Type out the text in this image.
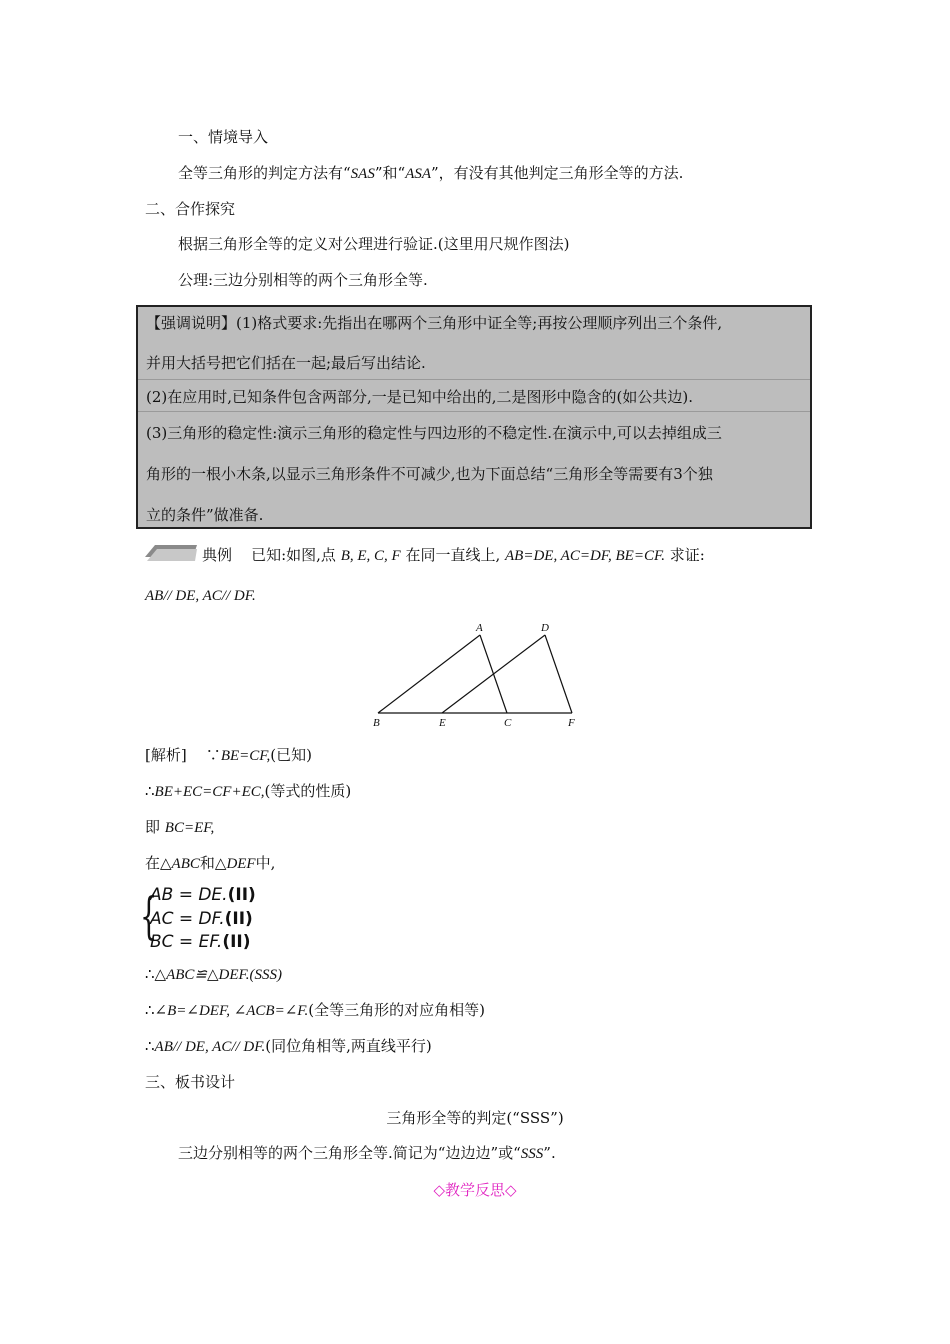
一、情境导入
全等三角形的判定方法有“SAS”和“ASA”，有没有其他判定三角形全等的方法.
二、合作探究
根据三角形全等的定义对公理进行验证.(这里用尺规作图法)
公理:三边分别相等的两个三角形全等.
【强调说明】(1)格式要求:先指出在哪两个三角形中证全等;再按公理顺序列出三个条件,
并用大括号把它们括在一起;最后写出结论.
(2)在应用时,已知条件包含两部分,一是已知中给出的,二是图形中隐含的(如公共边).
(3)三角形的稳定性:演示三角形的稳定性与四边形的不稳定性.在演示中,可以去掉组成三
角形的一根小木条,以显示三角形条件不可减少,也为下面总结“三角形全等需要有3个独
立的条件”做准备.
典例 已知:如图,点 B, E, C, F 在同一直线上, AB=DE, AC=DF, BE=CF. 求证:
AB// DE, AC// DF.
A	D
B	E	C	F
[解析] ∵BE=CF,(已知)
∴BE+EC=CF+EC,(等式的性质)
即 BC=EF,
在△ABC和△DEF中,
{
AB = DE.(II)
AC = DF.(II)
BC = EF.(II)
∴△ABC≌△DEF.(SSS)
∴∠B=∠DEF, ∠ACB=∠F.(全等三角形的对应角相等)
∴AB// DE, AC// DF.(同位角相等,两直线平行)
三、板书设计
三角形全等的判定(“SSS”)
三边分别相等的两个三角形全等.简记为“边边边”或“SSS”.
◇教学反思◇
